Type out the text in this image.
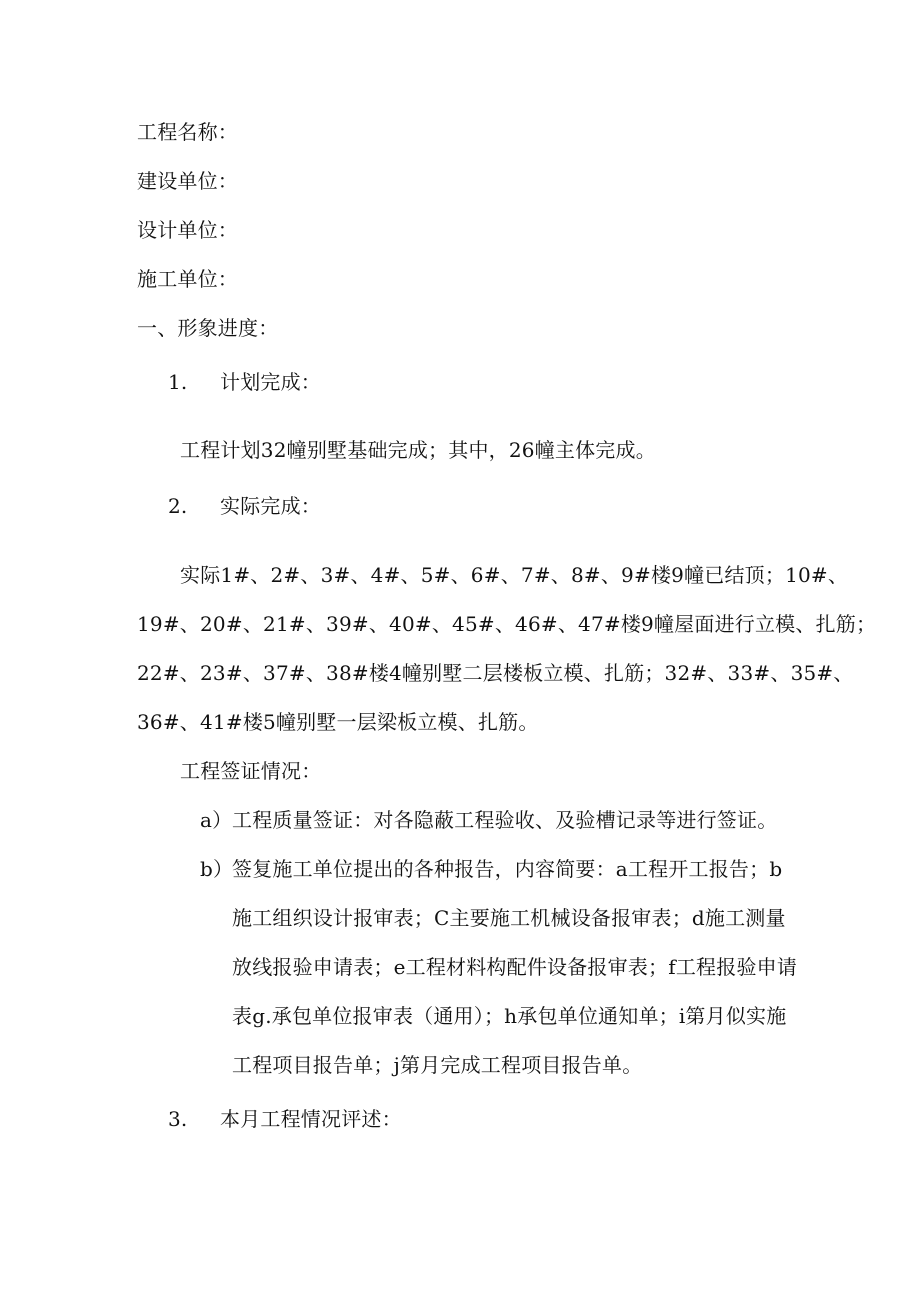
工程名称：
建设单位：
设计单位：
施工单位：
一、形象进度：
1. 计划完成：
工程计划32幢别墅基础完成；其中，26幢主体完成。
2. 实际完成：
实际1#、2#、3#、4#、5#、6#、7#、8#、9#楼9幢已结顶；10#、
19#、20#、21#、39#、40#、45#、46#、47#楼9幢屋面进行立模、扎筋；
22#、23#、37#、38#楼4幢别墅二层楼板立模、扎筋；32#、33#、35#、
36#、41#楼5幢别墅一层梁板立模、扎筋。
工程签证情况：
a）工程质量签证：对各隐蔽工程验收、及验槽记录等进行签证。
b）签复施工单位提出的各种报告，内容简要：a工程开工报告；b
施工组织设计报审表；C主要施工机械设备报审表；d施工测量
放线报验申请表；e工程材料构配件设备报审表；f工程报验申请
表g.承包单位报审表（通用）；h承包单位通知单；i第月似实施
工程项目报告单；j第月完成工程项目报告单。
3. 本月工程情况评述：
